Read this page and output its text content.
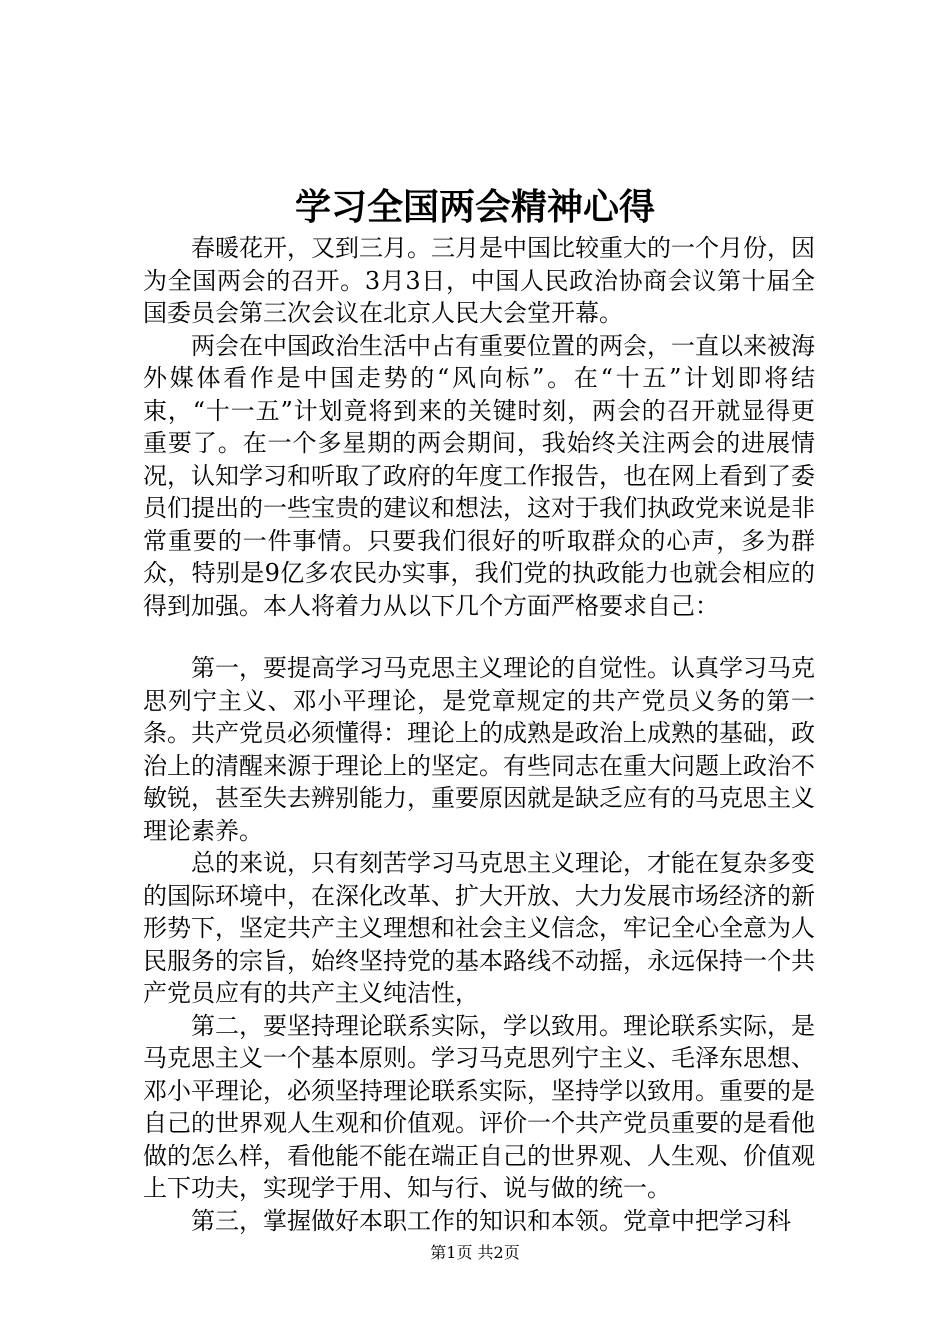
学习全国两会精神心得

春暖花开，又到三月。三月是中国比较重大的一个月份，因为全国两会的召开。3月3日，中国人民政治协商会议第十届全国委员会第三次会议在北京人民大会堂开幕。

两会在中国政治生活中占有重要位置的两会，一直以来被海外媒体看作是中国走势的“风向标”。在“十五”计划即将结束，“十一五”计划竟将到来的关键时刻，两会的召开就显得更重要了。在一个多星期的两会期间，我始终关注两会的进展情况，认知学习和听取了政府的年度工作报告，也在网上看到了委员们提出的一些宝贵的建议和想法，这对于我们执政党来说是非常重要的一件事情。只要我们很好的听取群众的心声，多为群众，特别是9亿多农民办实事，我们党的执政能力也就会相应的得到加强。本人将着力从以下几个方面严格要求自己：

第一，要提高学习马克思主义理论的自觉性。认真学习马克思列宁主义、邓小平理论，是党章规定的共产党员义务的第一条。共产党员必须懂得：理论上的成熟是政治上成熟的基础，政治上的清醒来源于理论上的坚定。有些同志在重大问题上政治不敏锐，甚至失去辨别能力，重要原因就是缺乏应有的马克思主义理论素养。

总的来说，只有刻苦学习马克思主义理论，才能在复杂多变的国际环境中，在深化改革、扩大开放、大力发展市场经济的新形势下，坚定共产主义理想和社会主义信念，牢记全心全意为人民服务的宗旨，始终坚持党的基本路线不动摇，永远保持一个共产党员应有的共产主义纯洁性，

第二，要坚持理论联系实际，学以致用。理论联系实际，是马克思主义一个基本原则。学习马克思列宁主义、毛泽东思想、邓小平理论，必须坚持理论联系实际，坚持学以致用。重要的是自己的世界观人生观和价值观。评价一个共产党员重要的是看他做的怎么样，看他能不能在端正自己的世界观、人生观、价值观上下功夫，实现学于用、知与行、说与做的统一。

第三，掌握做好本职工作的知识和本领。党章中把学习科

第1页 共2页
